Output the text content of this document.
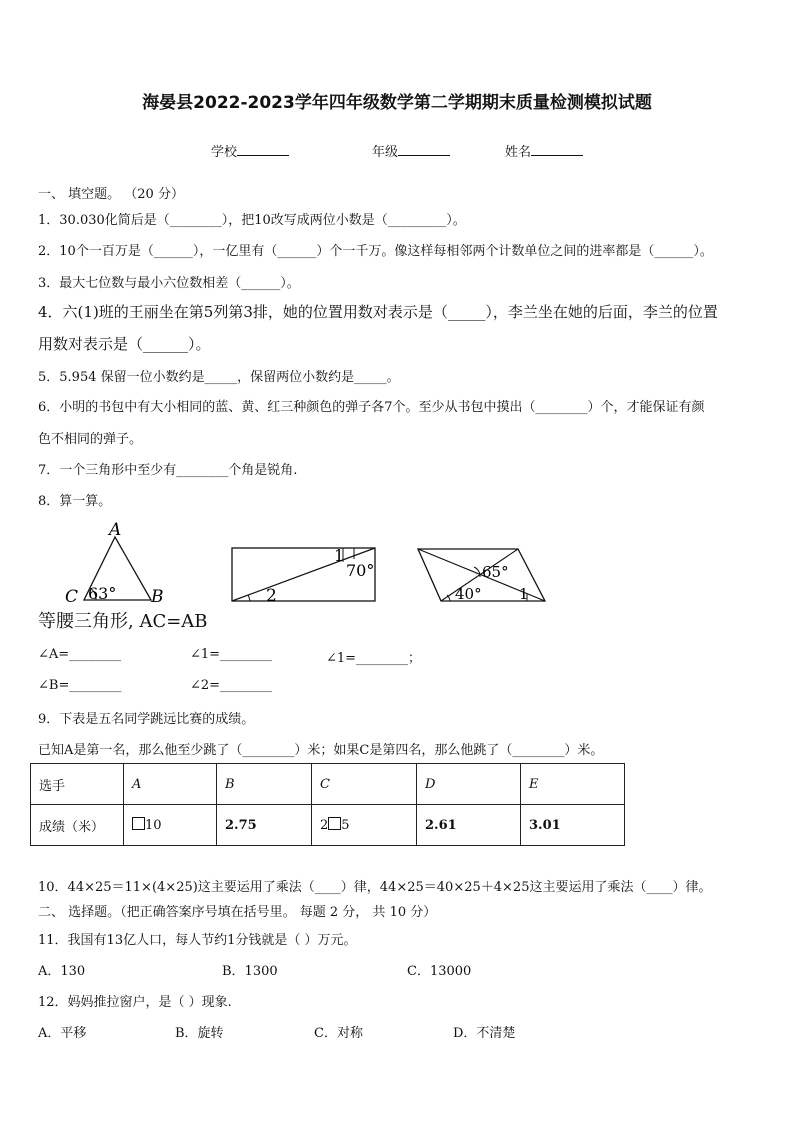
海晏县2022-2023学年四年级数学第二学期期末质量检测模拟试题
学校	年级	姓名
一、 填空题。 （20 分）
1．30.030化简后是（________），把10改写成两位小数是（_________）。
2．10个一百万是（______），一亿里有（______）个一千万。像这样每相邻两个计数单位之间的进率都是（______）。
3．最大七位数与最小六位数相差（______）。
4．六(1)班的王丽坐在第5列第3排，她的位置用数对表示是（_____），李兰坐在她的后面，李兰的位置
用数对表示是（______）。
5．5.954 保留一位小数约是_____，保留两位小数约是_____。
6．小明的书包中有大小相同的蓝、黄、红三种颜色的弹子各7个。至少从书包中摸出（________）个，才能保证有颜
色不相同的弹子。
7．一个三角形中至少有________个角是锐角.
8．算一算。
A
C	B
63°
1
70°
2
65°
40° 1
等腰三角形, AC=AB
∠A=________	∠1=________	∠1=________；
∠B=________	∠2=________
9．下表是五名同学跳远比赛的成绩。
已知A是第一名，那么他至少跳了（________）米；如果C是第四名，那么他跳了（________）米。
选手	A	B	C	D	E
成绩（米）	10	2.75	2 5	2.61	3.01
10．44×25＝11×(4×25)这主要运用了乘法（____）律，44×25＝40×25＋4×25这主要运用了乘法（____）律。
二、 选择题。（把正确答案序号填在括号里。 每题 2 分， 共 10 分）
11．我国有13亿人口，每人节约1分钱就是（ ）万元。
A．130	B．1300	C．13000
12．妈妈推拉窗户，是（ ）现象.
A．平移	B．旋转	C．对称	D．不清楚
